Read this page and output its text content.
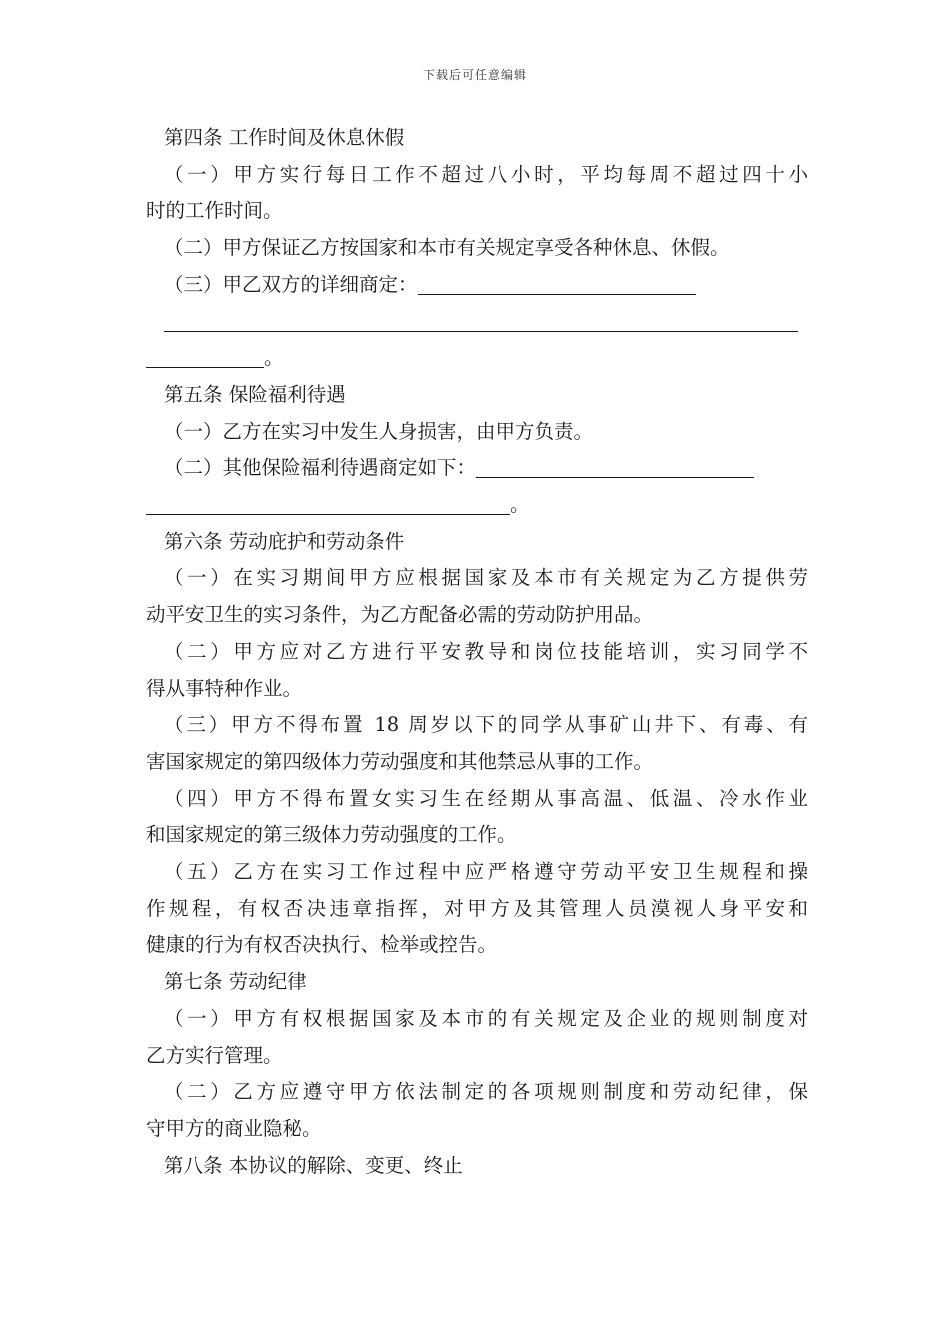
下载后可任意编辑
第四条 工作时间及休息休假
（一）甲方实行每日工作不超过八小时，平均每周不超过四十小
时的工作时间。
（二）甲方保证乙方按国家和本市有关规定享受各种休息、休假。
（三）甲乙双方的详细商定：
。
第五条 保险福利待遇
（一）乙方在实习中发生人身损害，由甲方负责。
（二）其他保险福利待遇商定如下：
。
第六条 劳动庇护和劳动条件
（一）在实习期间甲方应根据国家及本市有关规定为乙方提供劳
动平安卫生的实习条件，为乙方配备必需的劳动防护用品。
（二）甲方应对乙方进行平安教导和岗位技能培训，实习同学不
得从事特种作业。
（三）甲方不得布置 18 周岁以下的同学从事矿山井下、有毒、有
害国家规定的第四级体力劳动强度和其他禁忌从事的工作。
（四）甲方不得布置女实习生在经期从事高温、低温、冷水作业
和国家规定的第三级体力劳动强度的工作。
（五）乙方在实习工作过程中应严格遵守劳动平安卫生规程和操
作规程，有权否决违章指挥，对甲方及其管理人员漠视人身平安和
健康的行为有权否决执行、检举或控告。
第七条 劳动纪律
（一）甲方有权根据国家及本市的有关规定及企业的规则制度对
乙方实行管理。
（二）乙方应遵守甲方依法制定的各项规则制度和劳动纪律，保
守甲方的商业隐秘。
第八条 本协议的解除、变更、终止
